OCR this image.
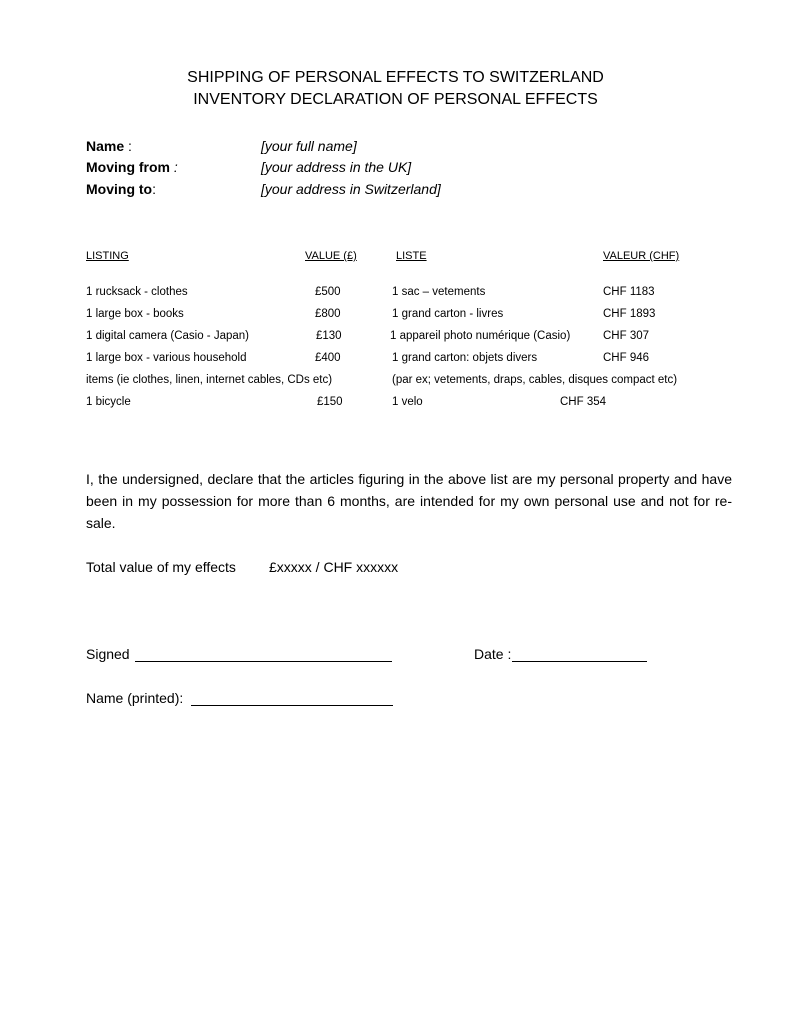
SHIPPING OF PERSONAL EFFECTS TO SWITZERLAND
INVENTORY DECLARATION OF PERSONAL EFFECTS
Name :	[your full name]
Moving from :	[your address in the UK]
Moving to:	[your address in Switzerland]
LISTING	VALUE (£)	LISTE	VALEUR (CHF)
1 rucksack - clothes	£500	1 sac – vetements	CHF 1183
1 large box - books	£800	1 grand carton - livres	CHF 1893
1 digital camera (Casio - Japan)	£130	1 appareil photo numérique (Casio)	CHF 307
1 large box - various household	£400	1 grand carton: objets divers	CHF 946
items (ie clothes, linen, internet cables, CDs etc)	(par ex; vetements, draps, cables, disques compact etc)
1 bicycle	£150	1 velo	CHF 354
I, the undersigned, declare that the articles figuring in the above list are my personal property and have been in my possession for more than 6 months, are intended for my own personal use and not for re-sale.
Total value of my effects £xxxxx / CHF xxxxxx
Signed	Date :
Name (printed):
